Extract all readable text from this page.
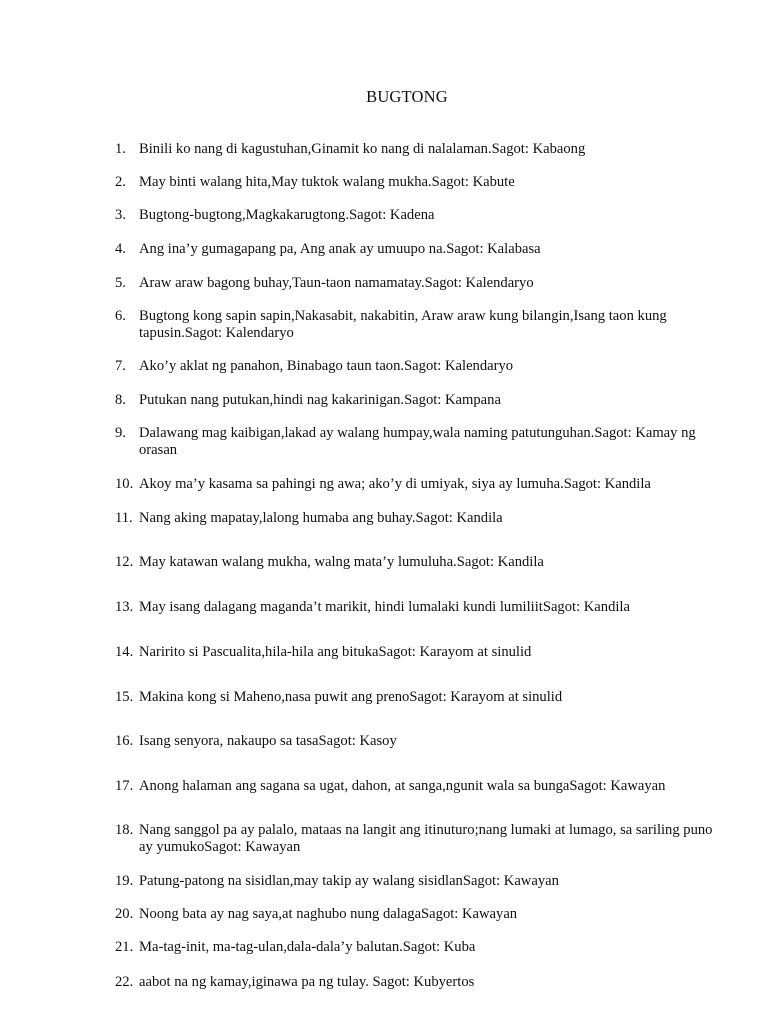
BUGTONG
1. Binili ko nang di kagustuhan,Ginamit ko nang di nalalaman.Sagot: Kabaong
2. May binti walang hita,May tuktok walang mukha.Sagot: Kabute
3. Bugtong-bugtong,Magkakarugtong.Sagot: Kadena
4. Ang ina’y gumagapang pa, Ang anak ay umuupo na.Sagot: Kalabasa
5. Araw araw bagong buhay,Taun-taon namamatay.Sagot: Kalendaryo
6. Bugtong kong sapin sapin,Nakasabit, nakabitin, Araw araw kung bilangin,Isang taon kung tapusin.Sagot: Kalendaryo
7. Ako’y aklat ng panahon, Binabago taun taon.Sagot: Kalendaryo
8. Putukan nang putukan,hindi nag kakarinigan.Sagot: Kampana
9. Dalawang mag kaibigan,lakad ay walang humpay,wala naming patutunguhan.Sagot: Kamay ng orasan
10. Akoy ma’y kasama sa pahingi ng awa; ako’y di umiyak, siya ay lumuha.Sagot: Kandila
11. Nang aking mapatay,lalong humaba ang buhay.Sagot: Kandila
12. May katawan walang mukha, walng mata’y lumuluha.Sagot: Kandila
13. May isang dalagang maganda’t marikit, hindi lumalaki kundi lumiliitSagot: Kandila
14. Naririto si Pascualita,hila-hila ang bitukaSagot: Karayom at sinulid
15. Makina kong si Maheno,nasa puwit ang prenoSagot: Karayom at sinulid
16. Isang senyora, nakaupo sa tasaSagot: Kasoy
17. Anong halaman ang sagana sa ugat, dahon, at sanga,ngunit wala sa bungaSagot: Kawayan
18. Nang sanggol pa ay palalo, mataas na langit ang itinuturo;nang lumaki at lumago, sa sariling puno ay yumukoSagot: Kawayan
19. Patung-patong na sisidlan,may takip ay walang sisidlanSagot: Kawayan
20. Noong bata ay nag saya,at naghubo nung dalagaSagot: Kawayan
21. Ma-tag-init, ma-tag-ulan,dala-dala’y balutan.Sagot: Kuba
22. aabot na ng kamay,iginawa pa ng tulay. Sagot: Kubyertos
